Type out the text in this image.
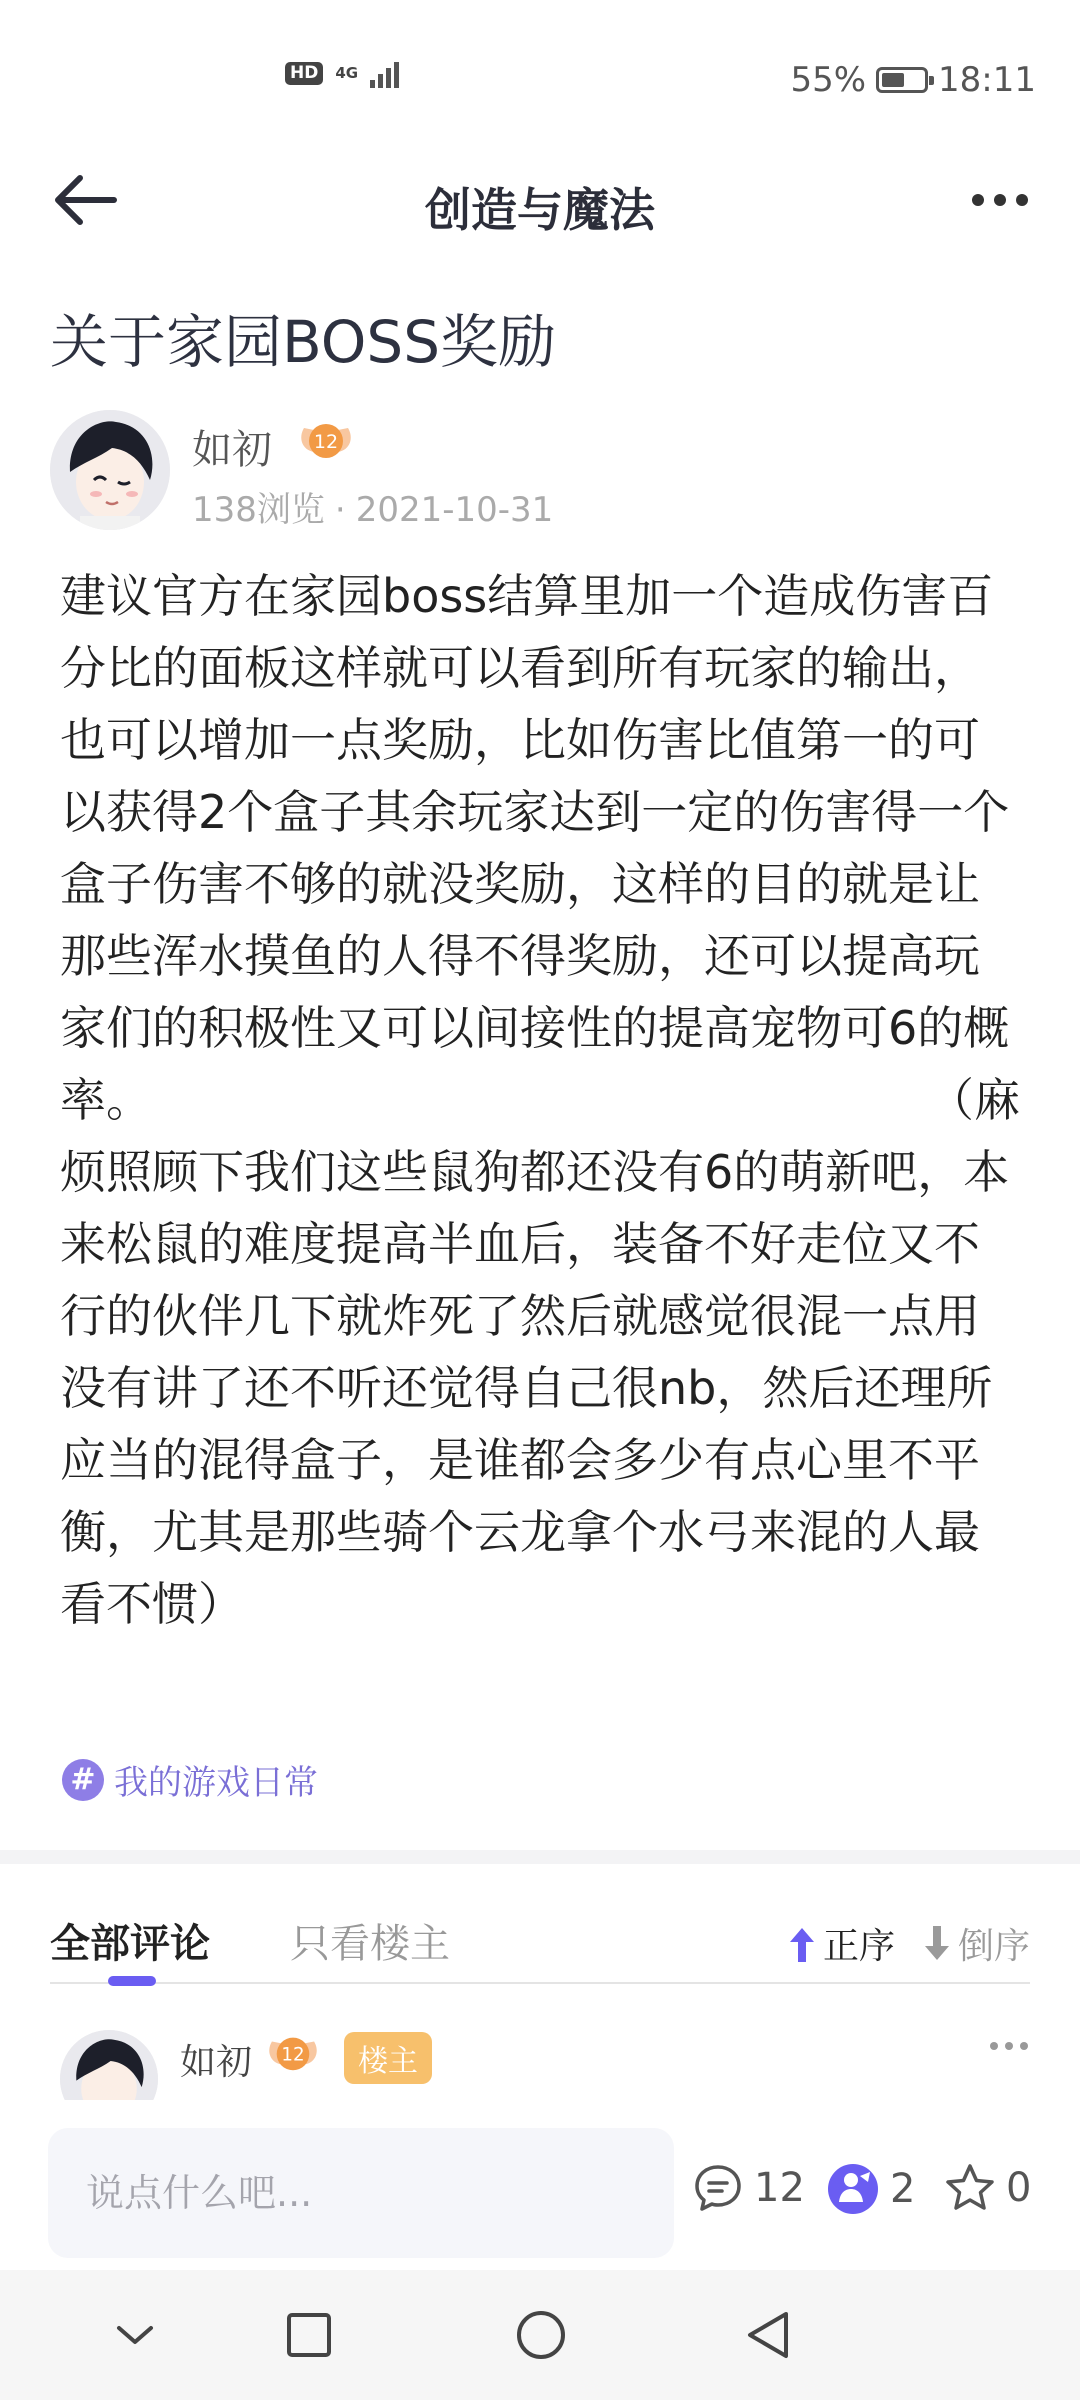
HD	4G	55% 18:11
创造与魔法
关于家园BOSS奖励
如初 12
138浏览 · 2021-10-31

建议官方在家园boss结算里加一个造成伤害百分比的面板这样就可以看到所有玩家的输出，也可以增加一点奖励，比如伤害比值第一的可以获得2个盒子其余玩家达到一定的伤害得一个盒子伤害不够的就没奖励，这样的目的就是让那些浑水摸鱼的人得不得奖励，还可以提高玩家们的积极性又可以间接性的提高宠物可6的概

率。	（麻

烦照顾下我们这些鼠狗都还没有6的萌新吧，本来松鼠的难度提高半血后，装备不好走位又不行的伙伴几下就炸死了然后就感觉很混一点用没有讲了还不听还觉得自己很nb，然后还理所应当的混得盒子，是谁都会多少有点心里不平衡，尤其是那些骑个云龙拿个水弓来混的人最看不惯）

# 我的游戏日常
全部评论 只看楼主	正序 倒序
如初 12	楼主
说点什么吧...
12 2 0
